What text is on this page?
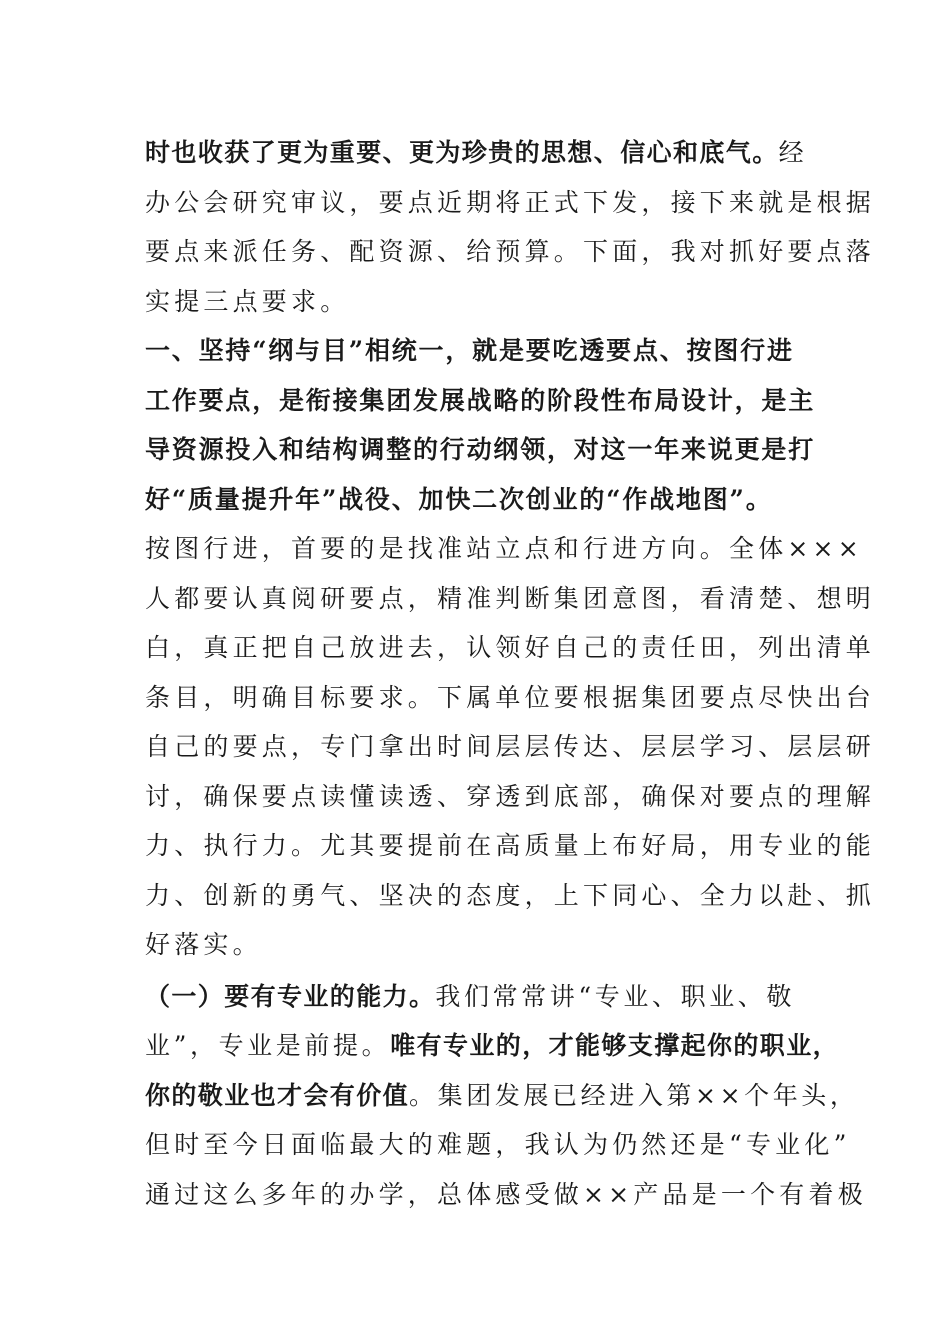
时也收获了更为重要、更为珍贵的思想、信心和底气。经
办公会研究审议，要点近期将正式下发，接下来就是根据
要点来派任务、配资源、给预算。下面，我对抓好要点落
实提三点要求。
一、坚持“纲与目”相统一，就是要吃透要点、按图行进
工作要点，是衔接集团发展战略的阶段性布局设计，是主
导资源投入和结构调整的行动纲领，对这一年来说更是打
好“质量提升年”战役、加快二次创业的“作战地图”。
按图行进，首要的是找准站立点和行进方向。全体×××
人都要认真阅研要点，精准判断集团意图，看清楚、想明
白，真正把自己放进去，认领好自己的责任田，列出清单
条目，明确目标要求。下属单位要根据集团要点尽快出台
自己的要点，专门拿出时间层层传达、层层学习、层层研
讨，确保要点读懂读透、穿透到底部，确保对要点的理解
力、执行力。尤其要提前在高质量上布好局，用专业的能
力、创新的勇气、坚决的态度，上下同心、全力以赴、抓
好落实。
（一）要有专业的能力。我们常常讲“专业、职业、敬
业”，专业是前提。唯有专业的，才能够支撑起你的职业，
你的敬业也才会有价值。集团发展已经进入第××个年头，
但时至今日面临最大的难题，我认为仍然还是“专业化”
通过这么多年的办学，总体感受做××产品是一个有着极
